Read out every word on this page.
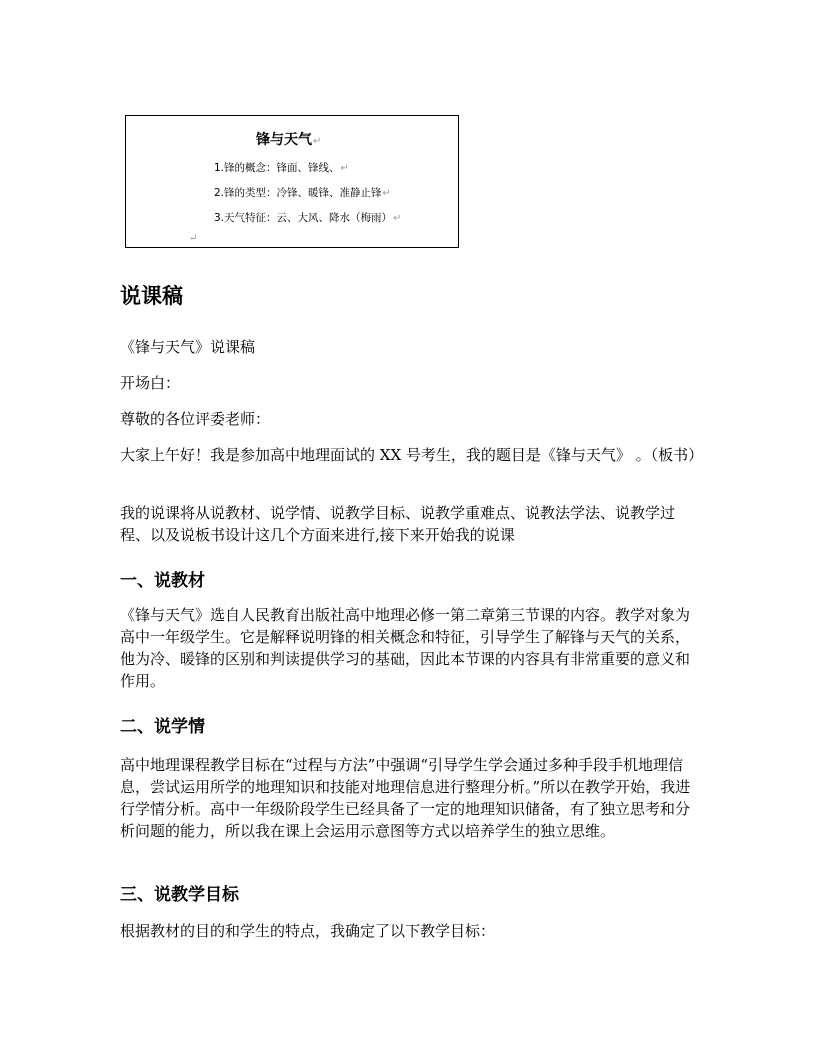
锋与天气↵
1.锋的概念：锋面、锋线、↵
2.锋的类型：冷锋、暖锋、准静止锋↵
3.天气特征：云、大风、降水（梅雨）↵
↵
说课稿

《锋与天气》说课稿

开场白：

尊敬的各位评委老师：

大家上午好！我是参加高中地理面试的 XX 号考生，我的题目是《锋与天气》 。（板书）

我的说课将从说教材、说学情、说教学目标、说教学重难点、说教法学法、说教学过程、以及说板书设计这几个方面来进行,接下来开始我的说课

一、说教材

《锋与天气》选自人民教育出版社高中地理必修一第二章第三节课的内容。教学对象为高中一年级学生。它是解释说明锋的相关概念和特征，引导学生了解锋与天气的关系，他为冷、暖锋的区别和判读提供学习的基础，因此本节课的内容具有非常重要的意义和作用。

二、说学情

高中地理课程教学目标在“过程与方法”中强调“引导学生学会通过多种手段手机地理信息，尝试运用所学的地理知识和技能对地理信息进行整理分析。”所以在教学开始，我进行学情分析。高中一年级阶段学生已经具备了一定的地理知识储备，有了独立思考和分析问题的能力，所以我在课上会运用示意图等方式以培养学生的独立思维。

三、说教学目标

根据教材的目的和学生的特点，我确定了以下教学目标：
